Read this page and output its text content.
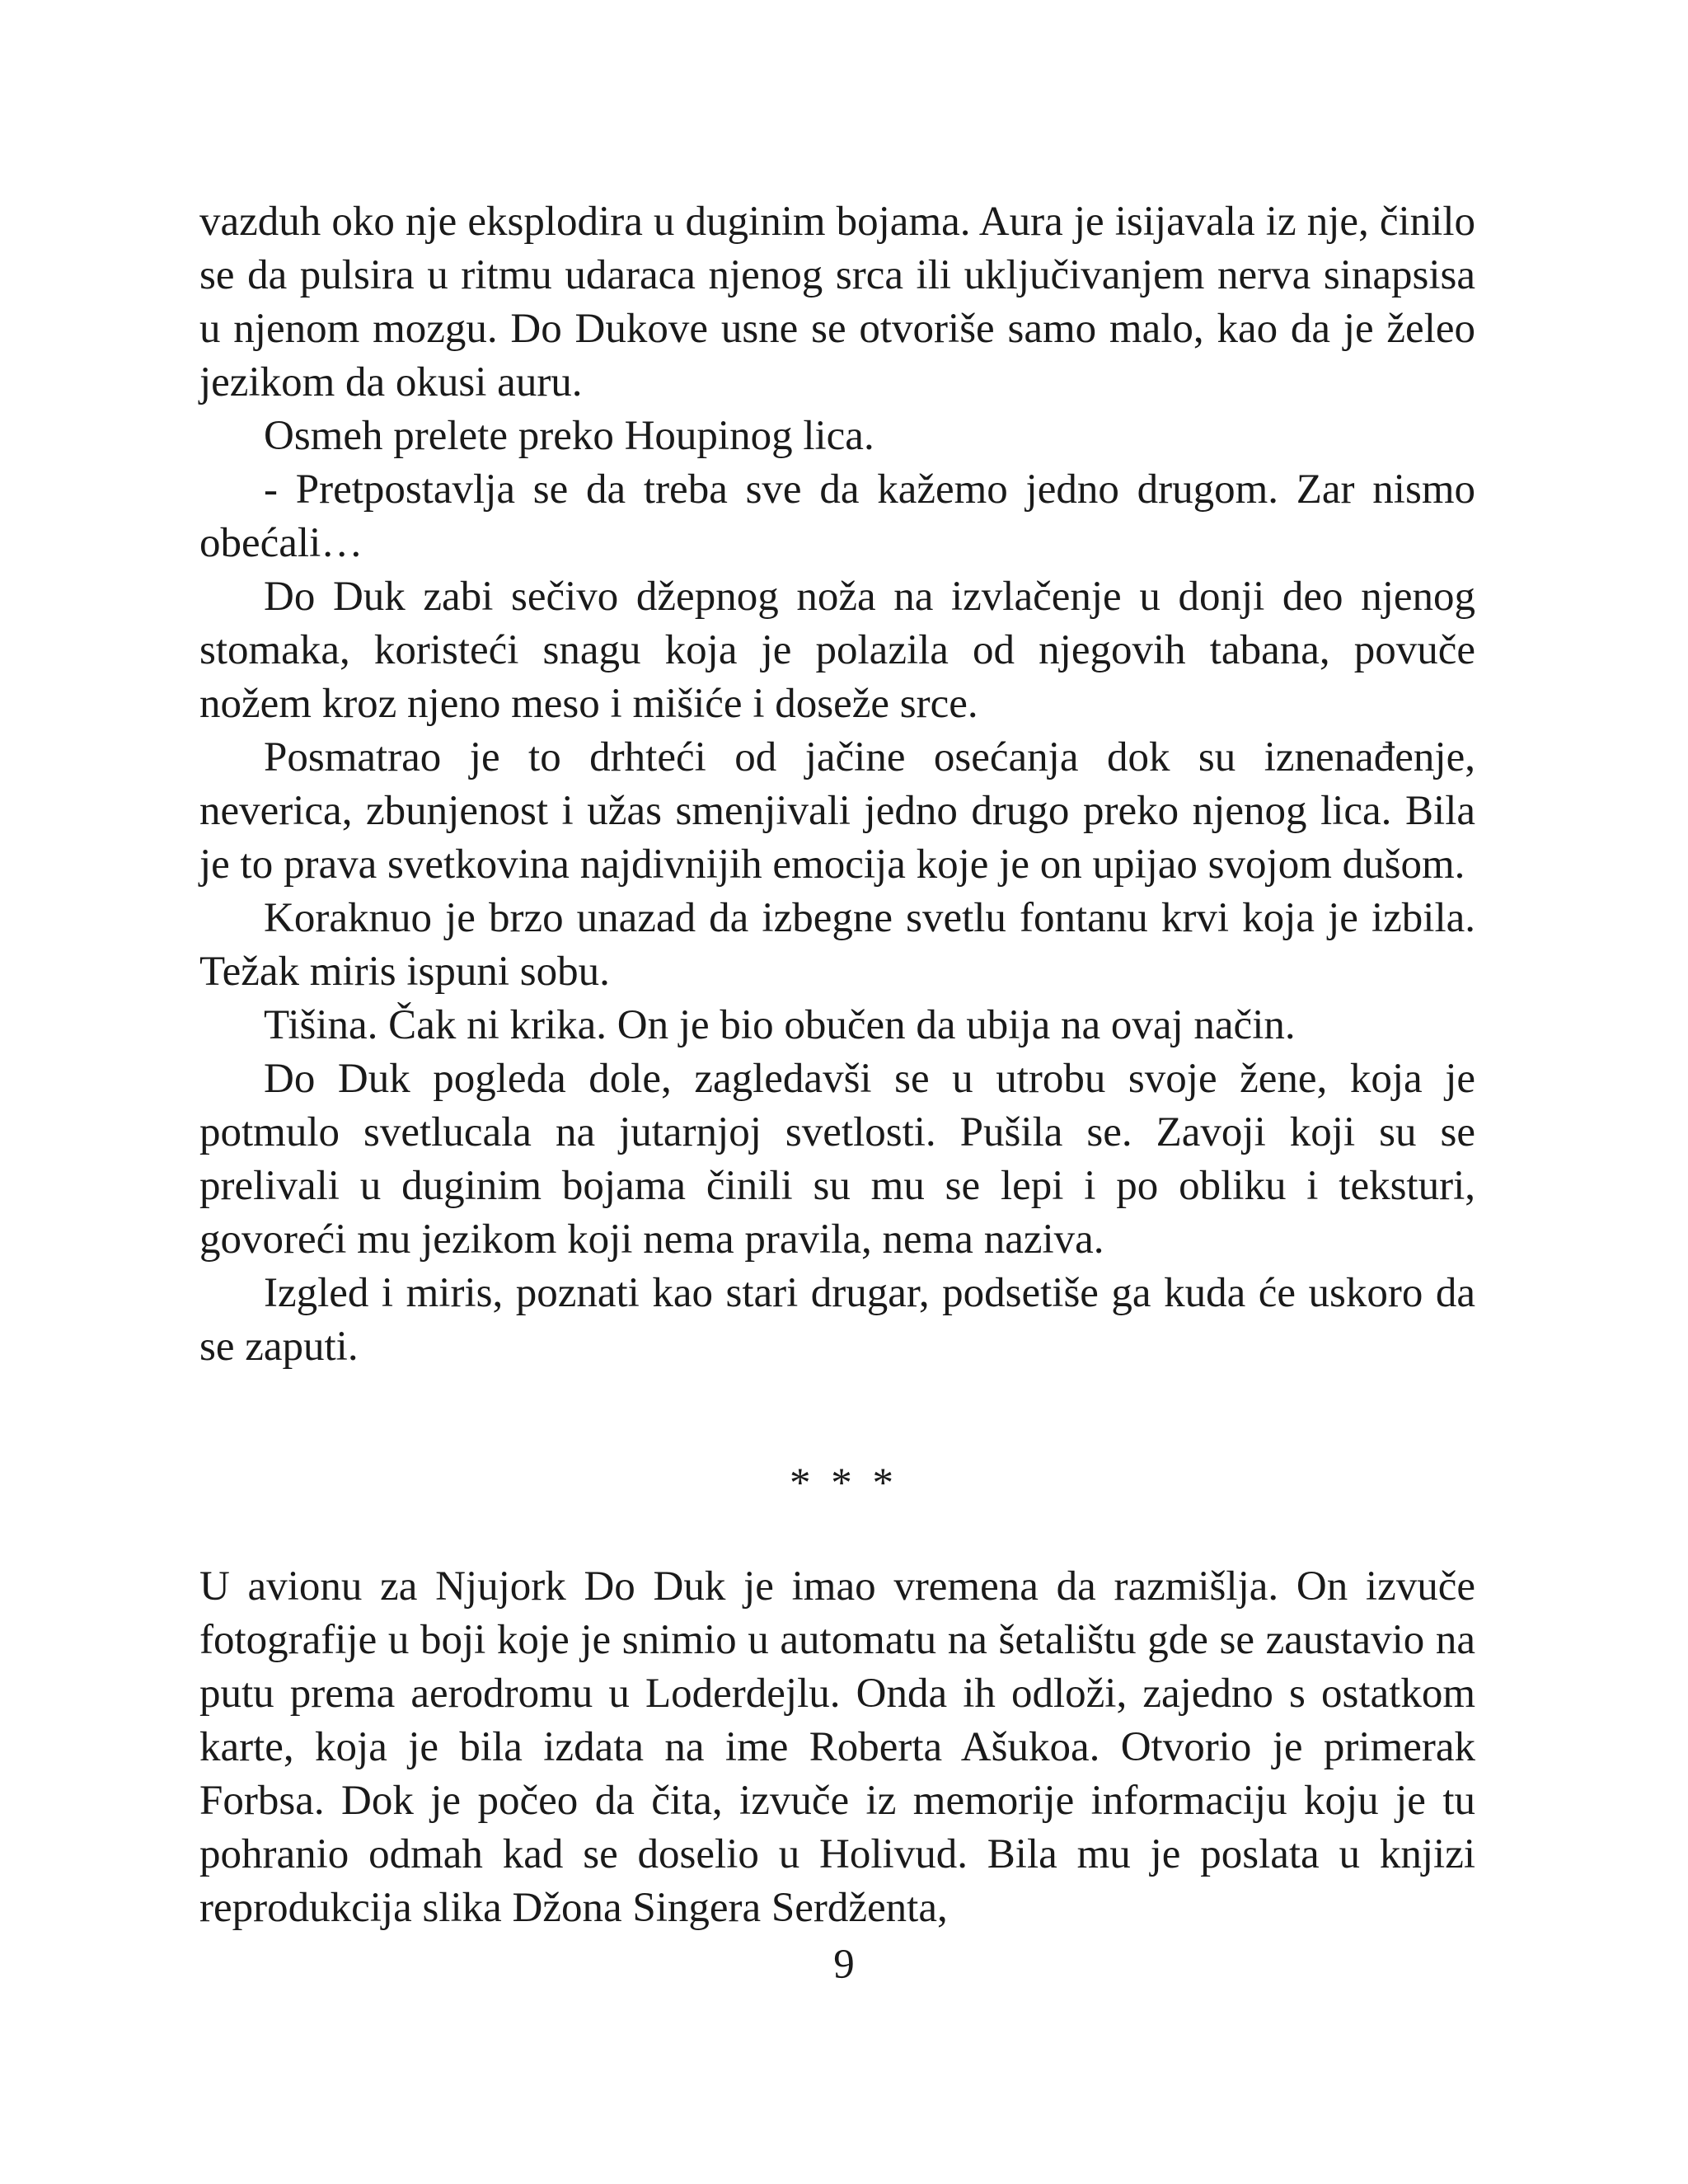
vazduh oko nje eksplodira u duginim bojama. Aura je isijavala iz nje, činilo se da pulsira u ritmu udaraca njenog srca ili uključivanjem nerva sinapsisa u njenom mozgu. Do Dukove usne se otvoriše samo malo, kao da je želeo jezikom da okusi auru.

Osmeh prelete preko Houpinog lica.

- Pretpostavlja se da treba sve da kažemo jedno drugom. Zar nismo obećali…

Do Duk zabi sečivo džepnog noža na izvlačenje u donji deo njenog stomaka, koristeći snagu koja je polazila od njegovih tabana, povuče nožem kroz njeno meso i mišiće i doseže srce.

Posmatrao je to drhteći od jačine osećanja dok su iznenađenje, neverica, zbunjenost i užas smenjivali jedno drugo preko njenog lica. Bila je to prava svetkovina najdivnijih emocija koje je on upijao svojom dušom.

Koraknuo je brzo unazad da izbegne svetlu fontanu krvi koja je izbila. Težak miris ispuni sobu.

Tišina. Čak ni krika. On je bio obučen da ubija na ovaj način.

Do Duk pogleda dole, zagledavši se u utrobu svoje žene, koja je potmulo svetlucala na jutarnjoj svetlosti. Pušila se. Zavoji koji su se prelivali u duginim bojama činili su mu se lepi i po obliku i teksturi, govoreći mu jezikom koji nema pravila, nema naziva.

Izgled i miris, poznati kao stari drugar, podsetiše ga kuda će uskoro da se zaputi.

* * *

U avionu za Njujork Do Duk je imao vremena da razmišlja. On izvuče fotografije u boji koje je snimio u automatu na šetalištu gde se zaustavio na putu prema aerodromu u Loderdejlu. Onda ih odloži, zajedno s ostatkom karte, koja je bila izdata na ime Roberta Ašukoa. Otvorio je primerak Forbsa. Dok je počeo da čita, izvuče iz memorije informaciju koju je tu pohranio odmah kad se doselio u Holivud. Bila mu je poslata u knjizi reprodukcija slika Džona Singera Serdženta,

9
